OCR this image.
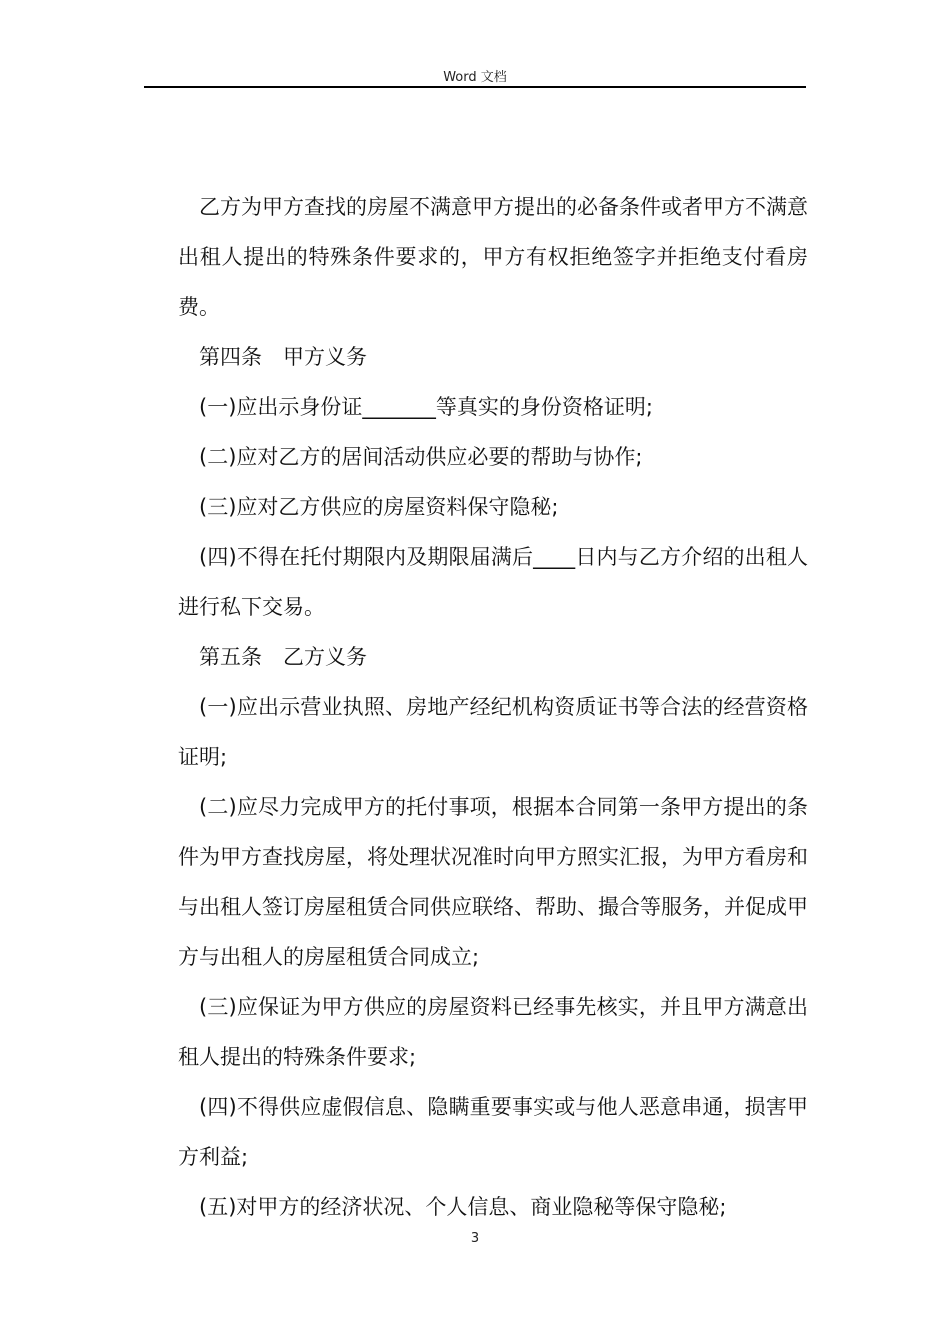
Word 文档

乙方为甲方查找的房屋不满意甲方提出的必备条件或者甲方不满意出租人提出的特殊条件要求的，甲方有权拒绝签字并拒绝支付看房费。

第四条　甲方义务

(一)应出示身份证_______等真实的身份资格证明;

(二)应对乙方的居间活动供应必要的帮助与协作;

(三)应对乙方供应的房屋资料保守隐秘;

(四)不得在托付期限内及期限届满后____日内与乙方介绍的出租人进行私下交易。

第五条　乙方义务

(一)应出示营业执照、房地产经纪机构资质证书等合法的经营资格证明;

(二)应尽力完成甲方的托付事项，根据本合同第一条甲方提出的条件为甲方查找房屋，将处理状况准时向甲方照实汇报，为甲方看房和与出租人签订房屋租赁合同供应联络、帮助、撮合等服务，并促成甲方与出租人的房屋租赁合同成立;

(三)应保证为甲方供应的房屋资料已经事先核实，并且甲方满意出租人提出的特殊条件要求;

(四)不得供应虚假信息、隐瞒重要事实或与他人恶意串通，损害甲方利益;

(五)对甲方的经济状况、个人信息、商业隐秘等保守隐秘;

3
